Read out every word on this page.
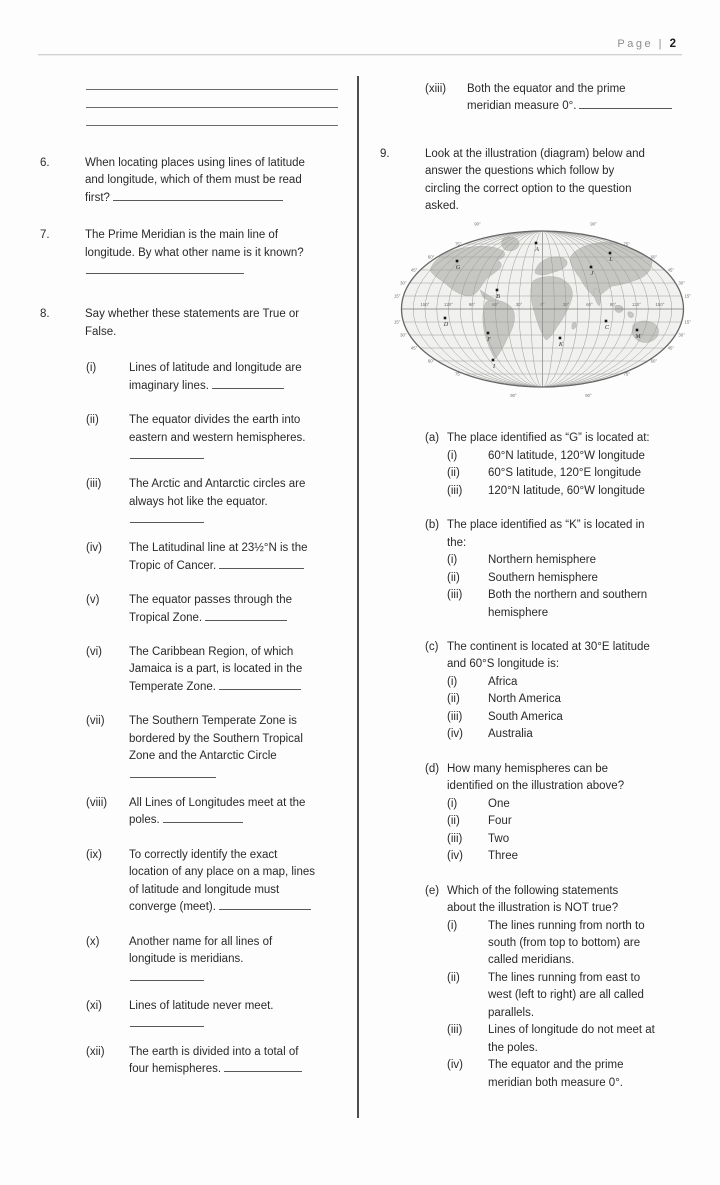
Page | 2
6.	When locating places using lines of latitude
and longitude, which of them must be read
first?
7.	The Prime Meridian is the main line of
longitude. By what other name is it known?
8.	Say whether these statements are True or
False.
(i)	Lines of latitude and longitude are
imaginary lines.
(ii)	The equator divides the earth into
eastern and western hemispheres.
(iii)	The Arctic and Antarctic circles are
always hot like the equator.
(iv)	The Latitudinal line at 23½°N is the
Tropic of Cancer.
(v)	The equator passes through the
Tropical Zone.
(vi)	The Caribbean Region, of which
Jamaica is a part, is located in the
Temperate Zone.
(vii)	The Southern Temperate Zone is
bordered by the Southern Tropical
Zone and the Antarctic Circle
(viii)	All Lines of Longitudes meet at the
poles.
(ix)	To correctly identify the exact
location of any place on a map, lines
of latitude and longitude must
converge (meet).
(x)	Another name for all lines of
longitude is meridians.
(xi)	Lines of latitude never meet.
(xii)	The earth is divided into a total of
four hemispheres.
(xiii)	Both the equator and the prime
meridian measure 0°.
9.	Look at the illustration (diagram) below and
answer the questions which follow by
circling the correct option to the question
asked.
150°	120°	90°	60°	30°	0°	30°	60°	90°	120°	150°
15°
15°
15°
15°
30°
30°
30°
30°
45°
45°
45°
45°
60°
60°
60°
60°
75°
75°
75°
75°
90°	90°
90°	90°
A
G
L
J
B
D
F
I
K
C
M
(a) The place identified as “G” is located at:
(i)	60°N latitude, 120°W longitude
(ii)	60°S latitude, 120°E longitude
(iii)	120°N latitude, 60°W longitude
(b) The place identified as “K” is located in
the:
(i)	Northern hemisphere
(ii)	Southern hemisphere
(iii)	Both the northern and southern
hemisphere
(c) The continent is located at 30°E latitude
and 60°S longitude is:
(i)	Africa
(ii)	North America
(iii)	South America
(iv)	Australia
(d) How many hemispheres can be
identified on the illustration above?
(i)	One
(ii)	Four
(iii)	Two
(iv)	Three
(e) Which of the following statements
about the illustration is NOT true?
(i)	The lines running from north to
south (from top to bottom) are
called meridians.
(ii)	The lines running from east to
west (left to right) are all called
parallels.
(iii)	Lines of longitude do not meet at
the poles.
(iv)	The equator and the prime
meridian both measure 0°.
